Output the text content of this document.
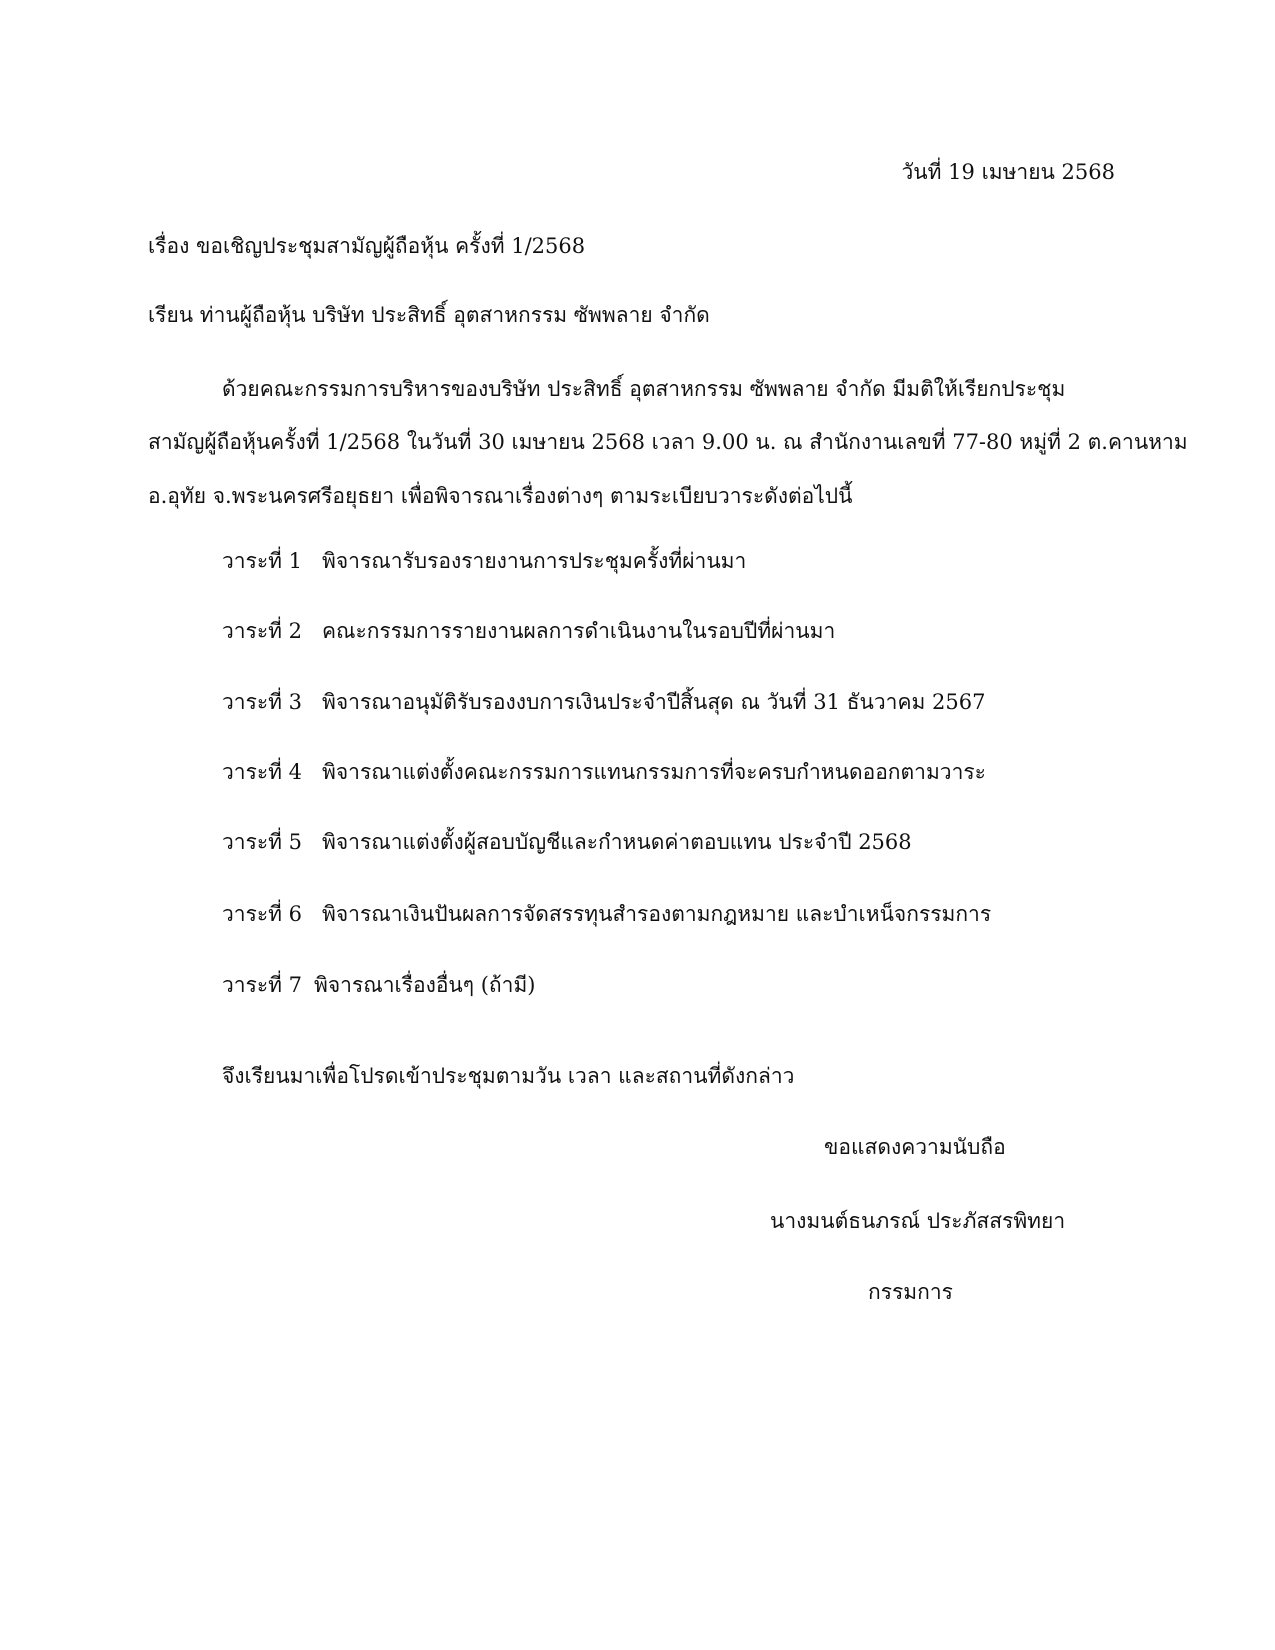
วันที่ 19 เมษายน 2568
เรื่อง ขอเชิญประชุมสามัญผู้ถือหุ้น ครั้งที่ 1/2568
เรียน ท่านผู้ถือหุ้น บริษัท ประสิทธิ์ อุตสาหกรรม ซัพพลาย จำกัด
ด้วยคณะกรรมการบริหารของบริษัท ประสิทธิ์ อุตสาหกรรม ซัพพลาย จำกัด มีมติให้เรียกประชุม
สามัญผู้ถือหุ้นครั้งที่ 1/2568 ในวันที่ 30 เมษายน 2568 เวลา 9.00 น. ณ สำนักงานเลขที่ 77-80 หมู่ที่ 2 ต.คานหาม
อ.อุทัย จ.พระนครศรีอยุธยา เพื่อพิจารณาเรื่องต่างๆ ตามระเบียบวาระดังต่อไปนี้
วาระที่ 1 พิจารณารับรองรายงานการประชุมครั้งที่ผ่านมา
วาระที่ 2 คณะกรรมการรายงานผลการดำเนินงานในรอบปีที่ผ่านมา
วาระที่ 3 พิจารณาอนุมัติรับรองงบการเงินประจำปีสิ้นสุด ณ วันที่ 31 ธันวาคม 2567
วาระที่ 4 พิจารณาแต่งตั้งคณะกรรมการแทนกรรมการที่จะครบกำหนดออกตามวาระ
วาระที่ 5 พิจารณาแต่งตั้งผู้สอบบัญชีและกำหนดค่าตอบแทน ประจำปี 2568
วาระที่ 6 พิจารณาเงินปันผลการจัดสรรทุนสำรองตามกฎหมาย และบำเหน็จกรรมการ
วาระที่ 7 พิจารณาเรื่องอื่นๆ (ถ้ามี)
จึงเรียนมาเพื่อโปรดเข้าประชุมตามวัน เวลา และสถานที่ดังกล่าว
ขอแสดงความนับถือ
นางมนต์ธนภรณ์ ประภัสสรพิทยา
กรรมการ
